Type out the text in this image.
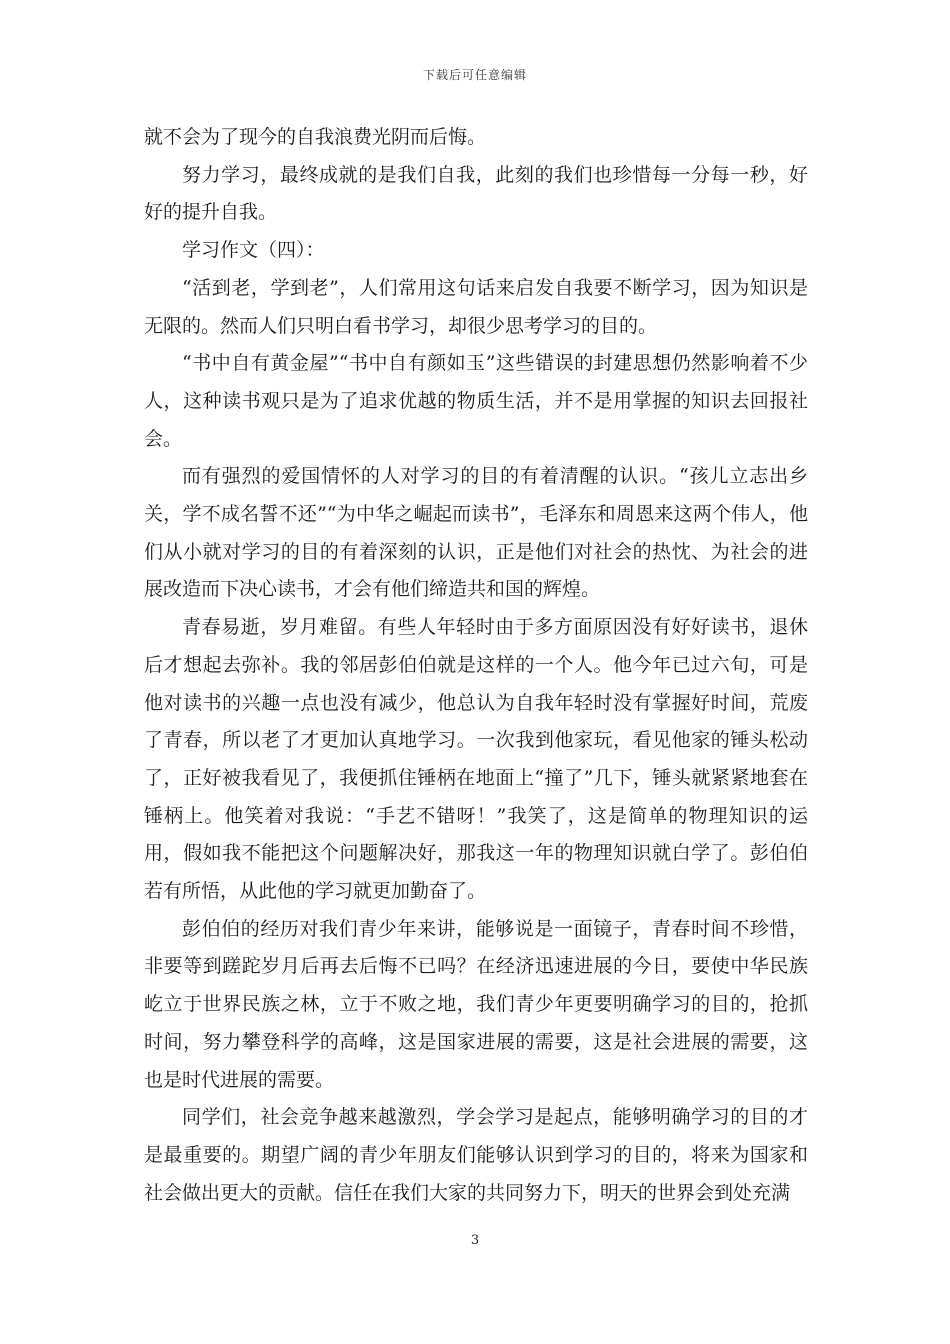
下载后可任意编辑

就不会为了现今的自我浪费光阴而后悔。

努力学习，最终成就的是我们自我，此刻的我们也珍惜每一分每一秒，好好的提升自我。

学习作文（四）：

“活到老，学到老”，人们常用这句话来启发自我要不断学习，因为知识是无限的。然而人们只明白看书学习，却很少思考学习的目的。

“书中自有黄金屋”“书中自有颜如玉”这些错误的封建思想仍然影响着不少人，这种读书观只是为了追求优越的物质生活，并不是用掌握的知识去回报社会。

而有强烈的爱国情怀的人对学习的目的有着清醒的认识。“孩儿立志出乡关，学不成名誓不还”“为中华之崛起而读书”，毛泽东和周恩来这两个伟人，他们从小就对学习的目的有着深刻的认识，正是他们对社会的热忱、为社会的进展改造而下决心读书，才会有他们缔造共和国的辉煌。

青春易逝，岁月难留。有些人年轻时由于多方面原因没有好好读书，退休后才想起去弥补。我的邻居彭伯伯就是这样的一个人。他今年已过六旬，可是他对读书的兴趣一点也没有减少，他总认为自我年轻时没有掌握好时间，荒废了青春，所以老了才更加认真地学习。一次我到他家玩，看见他家的锤头松动了，正好被我看见了，我便抓住锤柄在地面上“撞了”几下，锤头就紧紧地套在锤柄上。他笑着对我说：“手艺不错呀！”我笑了，这是简单的物理知识的运用，假如我不能把这个问题解决好，那我这一年的物理知识就白学了。彭伯伯若有所悟，从此他的学习就更加勤奋了。

彭伯伯的经历对我们青少年来讲，能够说是一面镜子，青春时间不珍惜，非要等到蹉跎岁月后再去后悔不已吗？在经济迅速进展的今日，要使中华民族屹立于世界民族之林，立于不败之地，我们青少年更要明确学习的目的，抢抓时间，努力攀登科学的高峰，这是国家进展的需要，这是社会进展的需要，这也是时代进展的需要。

同学们，社会竞争越来越激烈，学会学习是起点，能够明确学习的目的才是最重要的。期望广阔的青少年朋友们能够认识到学习的目的，将来为国家和社会做出更大的贡献。信任在我们大家的共同努力下，明天的世界会到处充满

3
